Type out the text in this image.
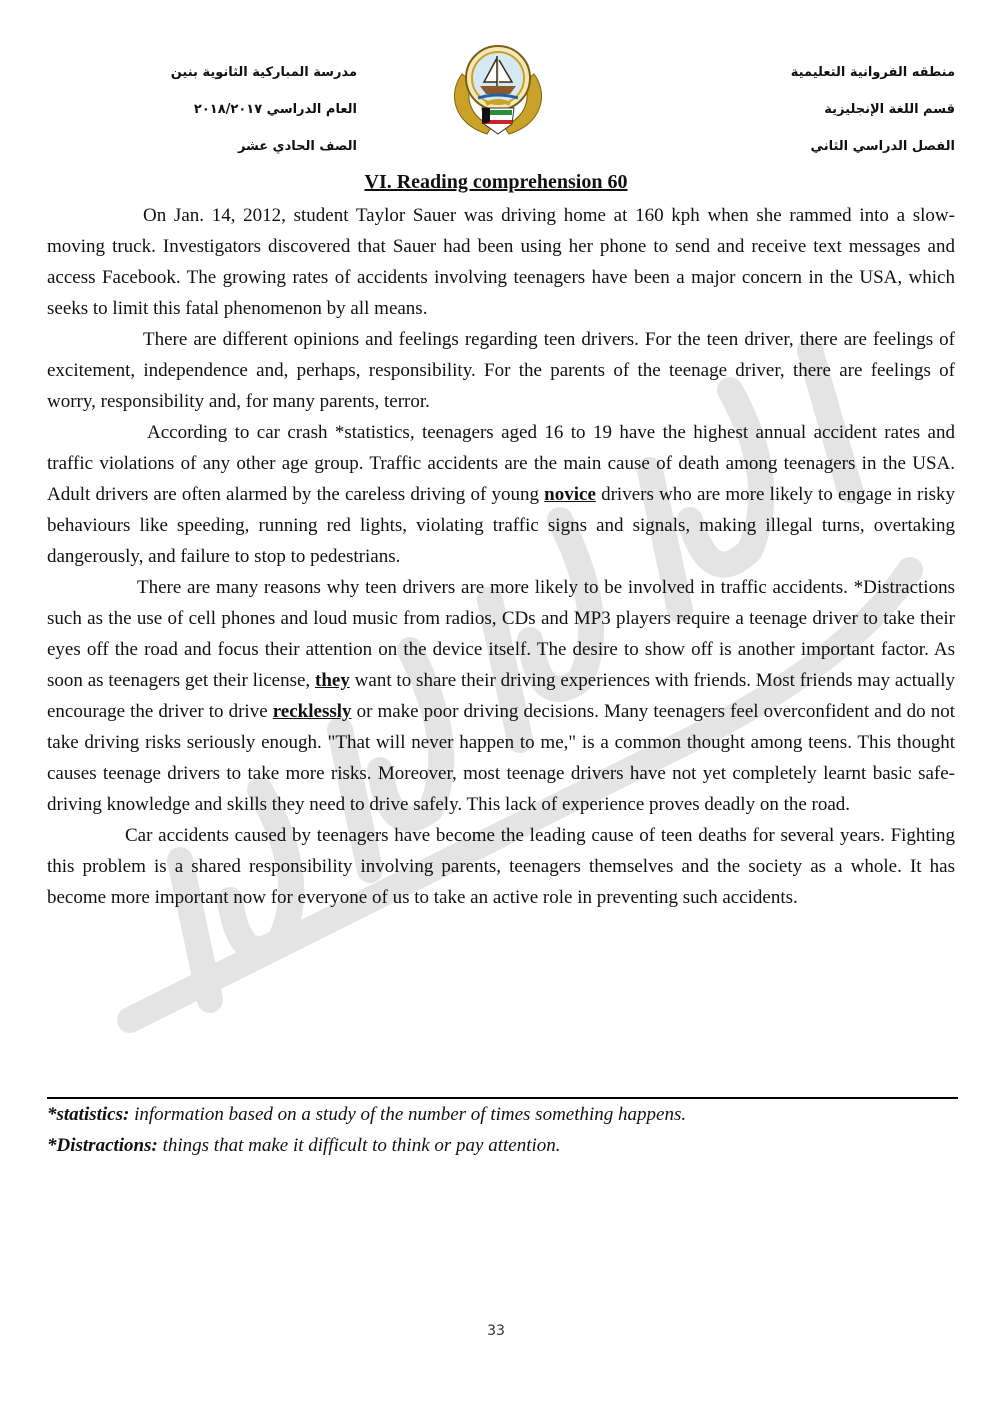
منطقه الفروانية التعليمية
قسم اللغة الإنجليزية
الفصل الدراسي الثاني
مدرسة المباركية الثانوية بنين
العام الدراسي ٢٠١٨/٢٠١٧
الصف الحادي عشر
VI. Reading comprehension 60

On Jan. 14, 2012, student Taylor Sauer was driving home at 160 kph when she rammed into a slow-moving truck. Investigators discovered that Sauer had been using her phone to send and receive text messages and access Facebook. The growing rates of accidents involving teenagers have been a major concern in the USA, which seeks to limit this fatal phenomenon by all means.

There are different opinions and feelings regarding teen drivers. For the teen driver, there are feelings of excitement, independence and, perhaps, responsibility. For the parents of the teenage driver, there are feelings of worry, responsibility and, for many parents, terror.

According to car crash *statistics, teenagers aged 16 to 19 have the highest annual accident rates and traffic violations of any other age group. Traffic accidents are the main cause of death among teenagers in the USA. Adult drivers are often alarmed by the careless driving of young novice drivers who are more likely to engage in risky behaviours like speeding, running red lights, violating traffic signs and signals, making illegal turns, overtaking dangerously, and failure to stop to pedestrians.

There are many reasons why teen drivers are more likely to be involved in traffic accidents. *Distractions such as the use of cell phones and loud music from radios, CDs and MP3 players require a teenage driver to take their eyes off the road and focus their attention on the device itself. The desire to show off is another important factor. As soon as teenagers get their license, they want to share their driving experiences with friends. Most friends may actually encourage the driver to drive recklessly or make poor driving decisions. Many teenagers feel overconfident and do not take driving risks seriously enough. "That will never happen to me," is a common thought among teens. This thought causes teenage drivers to take more risks. Moreover, most teenage drivers have not yet completely learnt basic safe-driving knowledge and skills they need to drive safely. This lack of experience proves deadly on the road.

Car accidents caused by teenagers have become the leading cause of teen deaths for several years. Fighting this problem is a shared responsibility involving parents, teenagers themselves and the society as a whole. It has become more important now for everyone of us to take an active role in preventing such accidents.

*statistics: information based on a study of the number of times something happens.
*Distractions: things that make it difficult to think or pay attention.
33
